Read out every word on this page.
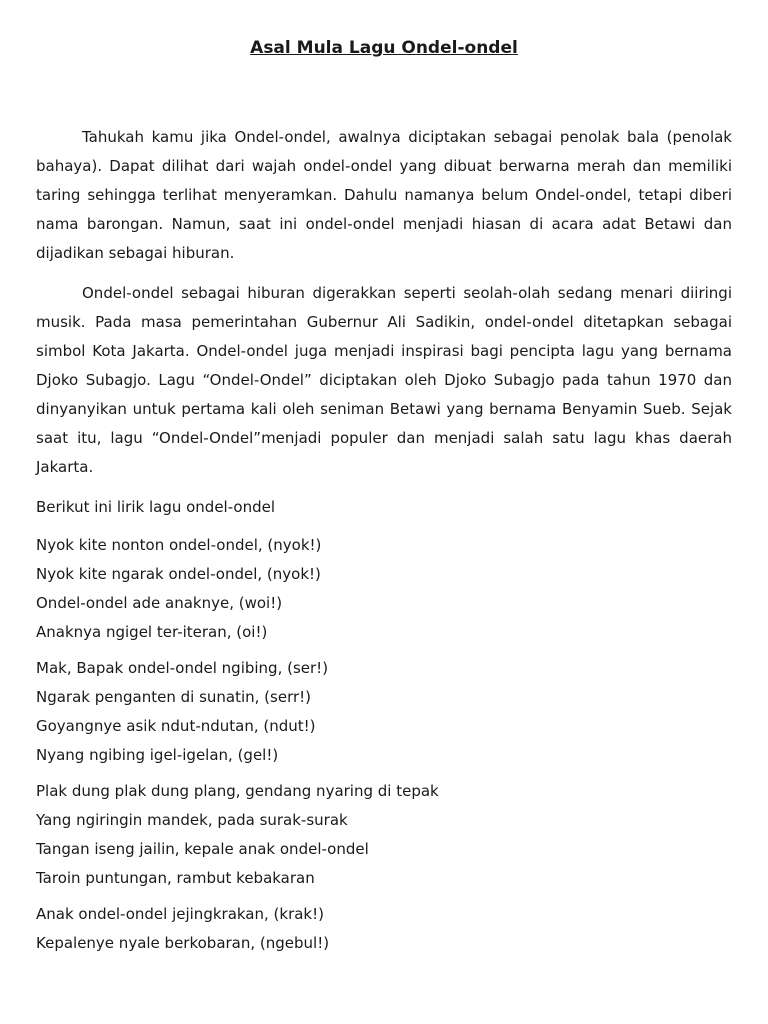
Asal Mula Lagu Ondel-ondel

Tahukah kamu jika Ondel-ondel, awalnya diciptakan sebagai penolak bala (penolak bahaya). Dapat dilihat dari wajah ondel-ondel yang dibuat berwarna merah dan memiliki taring sehingga terlihat menyeramkan. Dahulu namanya belum Ondel-ondel, tetapi diberi nama barongan. Namun, saat ini ondel-ondel menjadi hiasan di acara adat Betawi dan dijadikan sebagai hiburan.

Ondel-ondel sebagai hiburan digerakkan seperti seolah-olah sedang menari diiringi musik. Pada masa pemerintahan Gubernur Ali Sadikin, ondel-ondel ditetapkan sebagai simbol Kota Jakarta. Ondel-ondel juga menjadi inspirasi bagi pencipta lagu yang bernama Djoko Subagjo. Lagu “Ondel-Ondel” diciptakan oleh Djoko Subagjo pada tahun 1970 dan dinyanyikan untuk pertama kali oleh seniman Betawi yang bernama Benyamin Sueb. Sejak saat itu, lagu “Ondel-Ondel”menjadi populer dan menjadi salah satu lagu khas daerah Jakarta.

Berikut ini lirik lagu ondel-ondel

Nyok kite nonton ondel-ondel, (nyok!)
Nyok kite ngarak ondel-ondel, (nyok!)
Ondel-ondel ade anaknye, (woi!)
Anaknya ngigel ter-iteran, (oi!)
Mak, Bapak ondel-ondel ngibing, (ser!)
Ngarak penganten di sunatin, (serr!)
Goyangnye asik ndut-ndutan, (ndut!)
Nyang ngibing igel-igelan, (gel!)
Plak dung plak dung plang, gendang nyaring di tepak
Yang ngiringin mandek, pada surak-surak
Tangan iseng jailin, kepale anak ondel-ondel
Taroin puntungan, rambut kebakaran
Anak ondel-ondel jejingkrakan, (krak!)
Kepalenye nyale berkobaran, (ngebul!)
